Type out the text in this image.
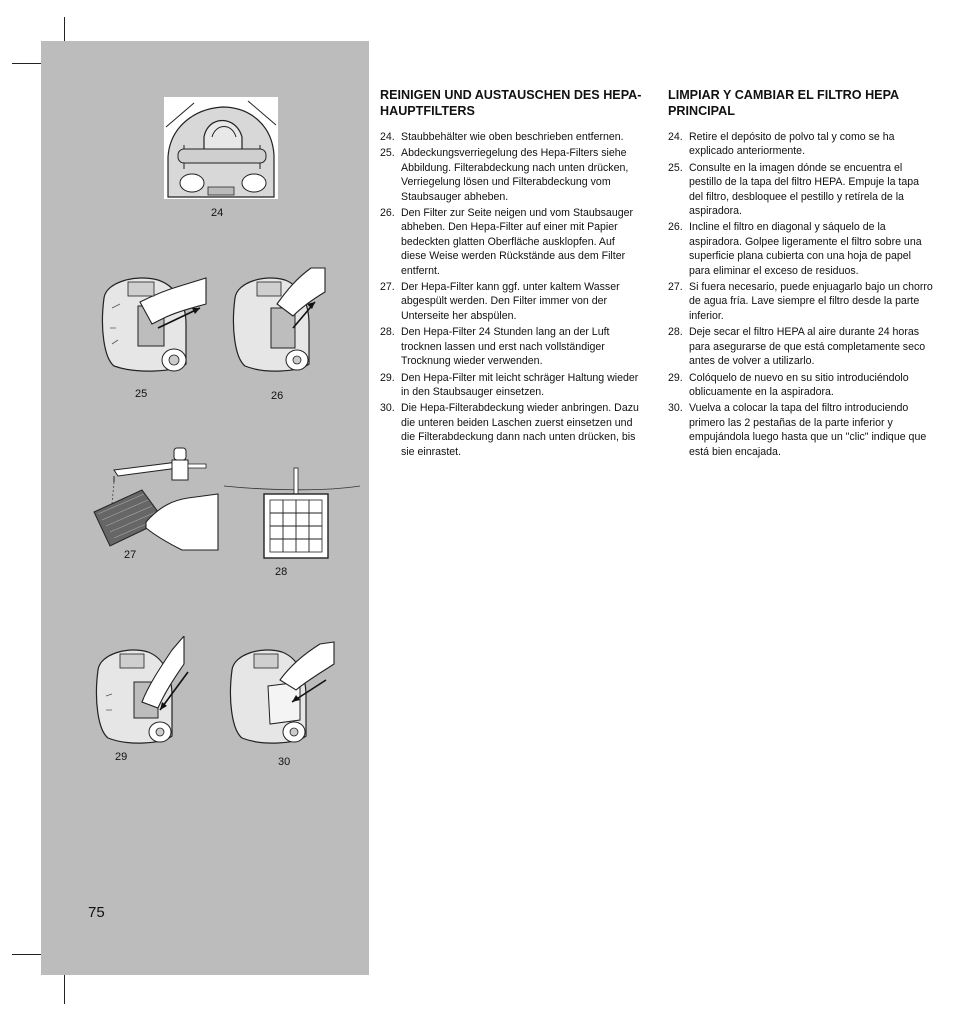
24
25	26
27
28
29	30
75
REINIGEN UND AUSTAUSCHEN DES HEPA-HAUPTFILTERS
24. Staubbehälter wie oben beschrieben entfernen.
25. Abdeckungsverriegelung des Hepa-Filters siehe Abbildung. Filterabdeckung nach unten drücken, Verriegelung lösen und Filterabdeckung vom Staubsauger abheben.
26. Den Filter zur Seite neigen und vom Staubsauger abheben. Den Hepa-Filter auf einer mit Papier bedeckten glatten Oberfläche ausklopfen. Auf diese Weise werden Rückstände aus dem Filter entfernt.
27. Der Hepa-Filter kann ggf. unter kaltem Wasser abgespült werden. Den Filter immer von der Unterseite her abspülen.
28. Den Hepa-Filter 24 Stunden lang an der Luft trocknen lassen und erst nach vollständiger Trocknung wieder verwenden.
29. Den Hepa-Filter mit leicht schräger Haltung wieder in den Staubsauger einsetzen.
30. Die Hepa-Filterabdeckung wieder anbringen. Dazu die unteren beiden Laschen zuerst einsetzen und die Filterabdeckung dann nach unten drücken, bis sie einrastet.
LIMPIAR Y CAMBIAR EL FILTRO HEPA PRINCIPAL
24. Retire el depósito de polvo tal y como se ha explicado anteriormente.
25. Consulte en la imagen dónde se encuentra el pestillo de la tapa del filtro HEPA. Empuje la tapa del filtro, desbloquee el pestillo y retírela de la aspiradora.
26. Incline el filtro en diagonal y sáquelo de la aspiradora. Golpee ligeramente el filtro sobre una superficie plana cubierta con una hoja de papel para eliminar el exceso de residuos.
27. Si fuera necesario, puede enjuagarlo bajo un chorro de agua fría. Lave siempre el filtro desde la parte inferior.
28. Deje secar el filtro HEPA al aire durante 24 horas para asegurarse de que está completamente seco antes de volver a utilizarlo.
29. Colóquelo de nuevo en su sitio introduciéndolo oblicuamente en la aspiradora.
30. Vuelva a colocar la tapa del filtro introduciendo primero las 2 pestañas de la parte inferior y empujándola luego hasta que un "clic" indique que está bien encajada.
